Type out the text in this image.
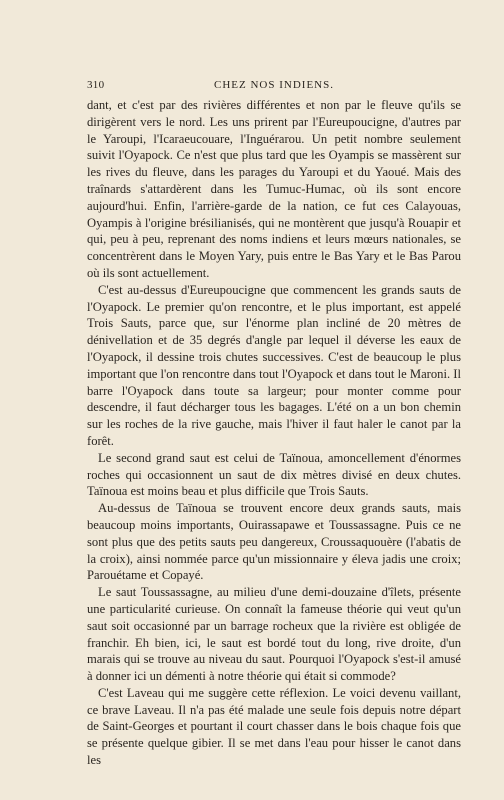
310	CHEZ NOS INDIENS.

dant, et c'est par des rivières différentes et non par le fleuve qu'ils se dirigèrent vers le nord. Les uns prirent par l'Eureupoucigne, d'autres par le Yaroupi, l'Icaraeucouare, l'Inguérarou. Un petit nombre seulement suivit l'Oyapock. Ce n'est que plus tard que les Oyampis se massèrent sur les rives du fleuve, dans les parages du Yaroupi et du Yaoué. Mais des traînards s'attardèrent dans les Tumuc-Humac, où ils sont encore aujourd'hui. Enfin, l'arrière-garde de la nation, ce fut ces Calayouas, Oyampis à l'origine brésilianisés, qui ne montèrent que jusqu'à Rouapir et qui, peu à peu, reprenant des noms indiens et leurs mœurs nationales, se concentrèrent dans le Moyen Yary, puis entre le Bas Yary et le Bas Parou où ils sont actuellement.

C'est au-dessus d'Eureupoucigne que commencent les grands sauts de l'Oyapock. Le premier qu'on rencontre, et le plus important, est appelé Trois Sauts, parce que, sur l'énorme plan incliné de 20 mètres de dénivellation et de 35 degrés d'angle par lequel il déverse les eaux de l'Oyapock, il dessine trois chutes successives. C'est de beaucoup le plus important que l'on rencontre dans tout l'Oyapock et dans tout le Maroni. Il barre l'Oyapock dans toute sa largeur; pour monter comme pour descendre, il faut décharger tous les bagages. L'été on a un bon chemin sur les roches de la rive gauche, mais l'hiver il faut haler le canot par la forêt.

Le second grand saut est celui de Taïnoua, amoncellement d'énormes roches qui occasionnent un saut de dix mètres divisé en deux chutes. Taïnoua est moins beau et plus difficile que Trois Sauts.

Au-dessus de Taïnoua se trouvent encore deux grands sauts, mais beaucoup moins importants, Ouirassapawe et Toussassagne. Puis ce ne sont plus que des petits sauts peu dangereux, Croussaquouère (l'abatis de la croix), ainsi nommée parce qu'un missionnaire y éleva jadis une croix; Parouétame et Copayé.

Le saut Toussassagne, au milieu d'une demi-douzaine d'îlets, présente une particularité curieuse. On connaît la fameuse théorie qui veut qu'un saut soit occasionné par un barrage rocheux que la rivière est obligée de franchir. Eh bien, ici, le saut est bordé tout du long, rive droite, d'un marais qui se trouve au niveau du saut. Pourquoi l'Oyapock s'est-il amusé à donner ici un démenti à notre théorie qui était si commode?

C'est Laveau qui me suggère cette réflexion. Le voici devenu vaillant, ce brave Laveau. Il n'a pas été malade une seule fois depuis notre départ de Saint-Georges et pourtant il court chasser dans le bois chaque fois que se présente quelque gibier. Il se met dans l'eau pour hisser le canot dans les
